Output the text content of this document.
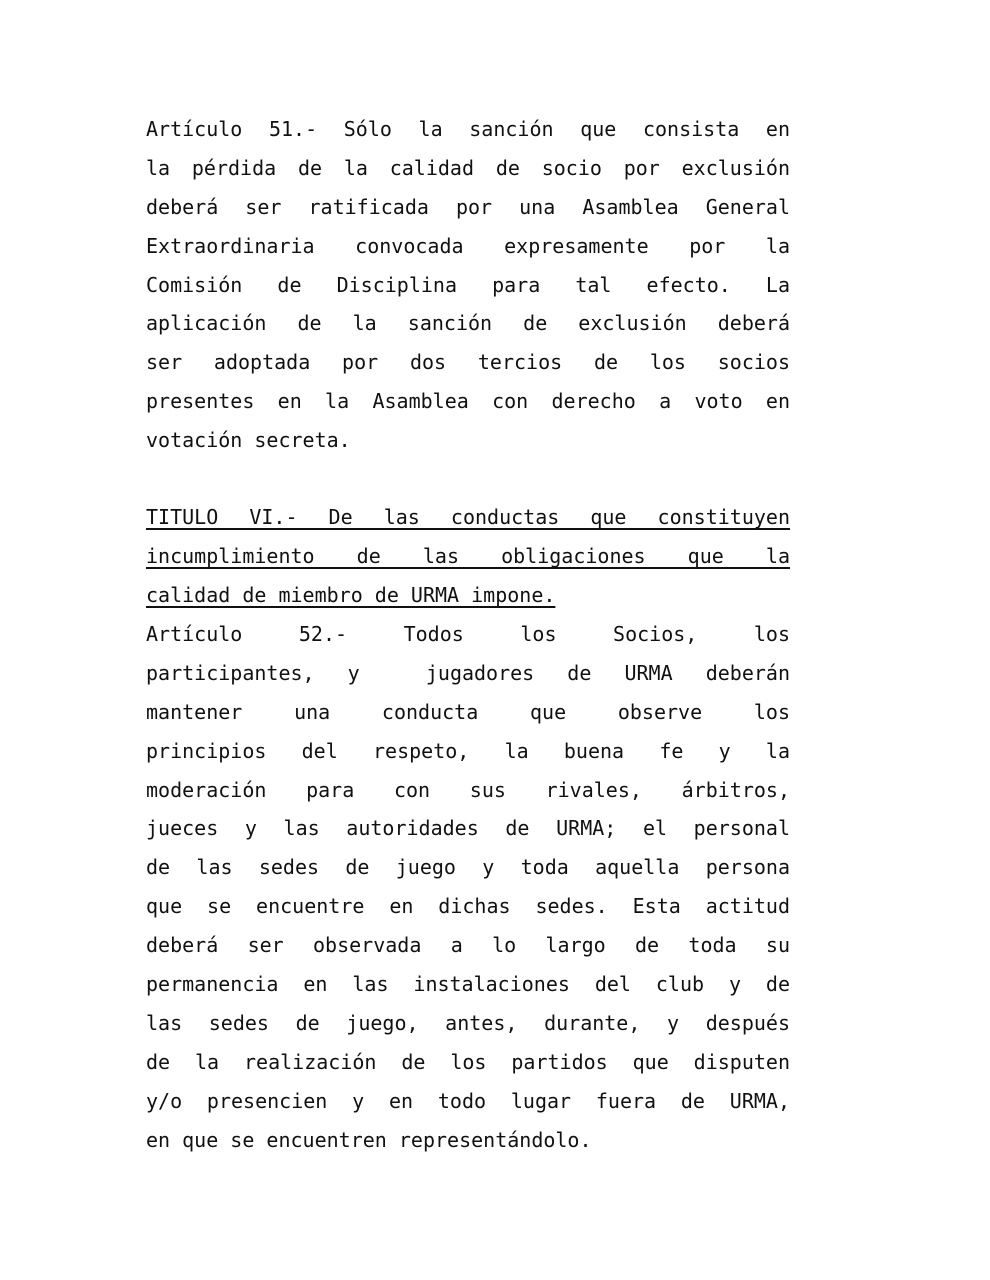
Artículo 51.- Sólo la sanción que consista en
la pérdida de la calidad de socio por exclusión
deberá ser ratificada por una Asamblea General
Extraordinaria convocada expresamente por la
Comisión de Disciplina para tal efecto. La
aplicación de la sanción de exclusión deberá
ser adoptada por dos tercios de los socios
presentes en la Asamblea con derecho a voto en
votación secreta.
TITULO VI.- De las conductas que constituyen
incumplimiento de las obligaciones que la
calidad de miembro de URMA impone.
Artículo 52.- Todos los Socios, los
participantes, y  jugadores de URMA deberán
mantener una conducta que observe los
principios del respeto, la buena fe y la
moderación para con sus rivales, árbitros,
jueces y las autoridades de URMA; el personal
de las sedes de juego y toda aquella persona
que se encuentre en dichas sedes. Esta actitud
deberá ser observada a lo largo de toda su
permanencia en las instalaciones del club y de
las sedes de juego, antes, durante, y después
de la realización de los partidos que disputen
y/o presencien y en todo lugar fuera de URMA,
en que se encuentren representándolo.
